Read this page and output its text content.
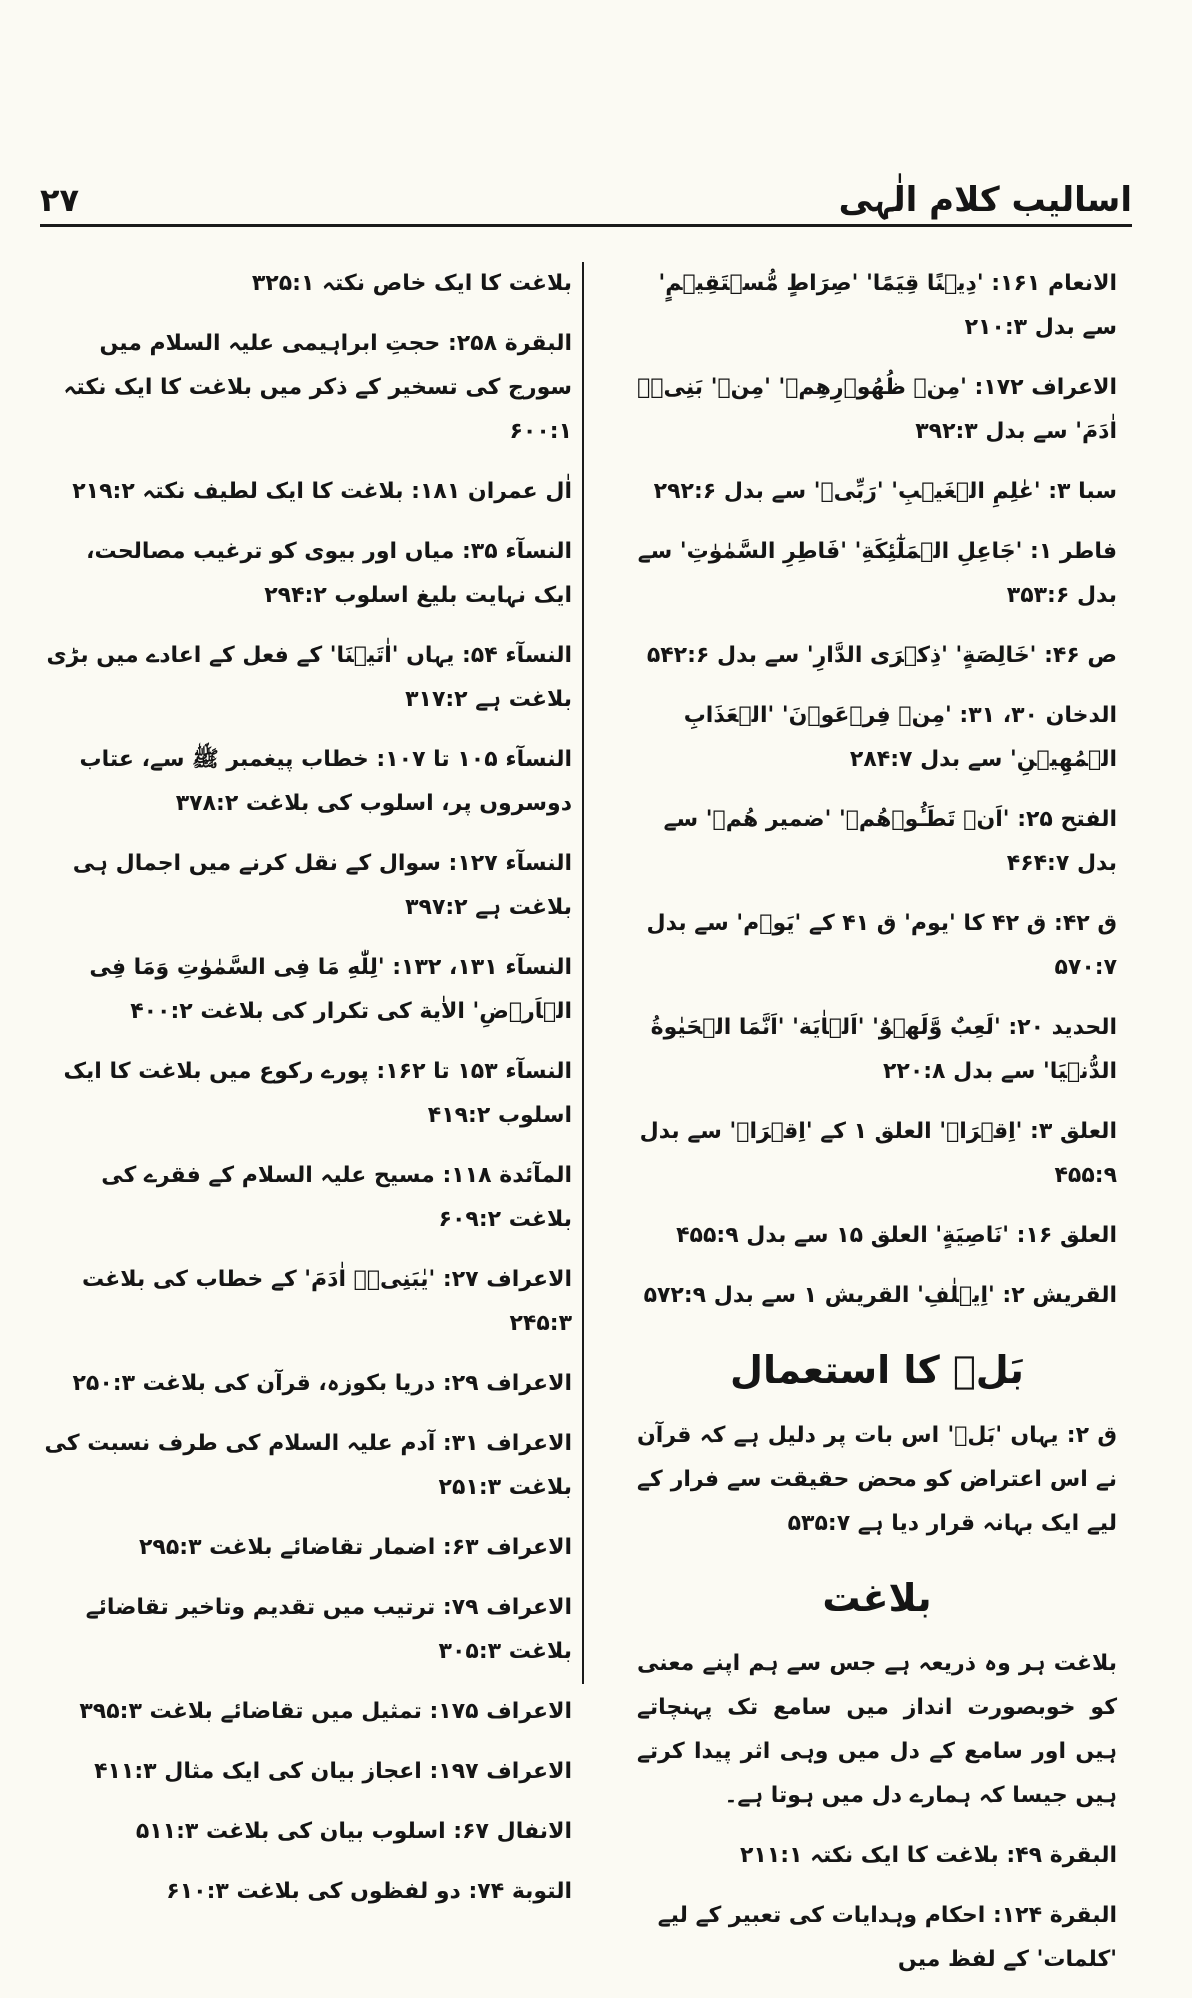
اسالیب کلام الٰہی
۲۷
الانعام ۱۶۱: 'دِیۡنًا قِیَمًا' 'صِرَاطٍ مُّسۡتَقِیۡمٍ' سے بدل ۲۱۰:۳
الاعراف ۱۷۲: 'مِنۡ ظُهُوۡرِهِمۡ' 'مِنۡ' بَنِیۡۤ اٰدَمَ' سے بدل ۳۹۲:۳
سبا ۳: 'عٰلِمِ الۡغَیۡبِ' 'رَبِّیۡ' سے بدل ۲۹۲:۶
فاطر ۱: 'جَاعِلِ الۡمَلٰٓئِکَةِ' 'فَاطِرِ السَّمٰوٰتِ' سے بدل ۳۵۳:۶
ص ۴۶: 'خَالِصَةٍ' 'ذِکۡرَی الدَّارِ' سے بدل ۵۴۲:۶
الدخان ۳۰، ۳۱: 'مِنۡ فِرۡعَوۡنَ' 'الۡعَذَابِ الۡمُهِیۡنِ' سے بدل ۲۸۴:۷
الفتح ۲۵: 'اَنۡ تَطَـُٔوۡهُمۡ' 'ضمیر هُمۡ' سے بدل ۴۶۴:۷
ق ۴۲: ق ۴۲ کا 'یوم' ق ۴۱ کے 'یَوۡم' سے بدل ۵۷۰:۷
الحدید ۲۰: 'لَعِبٌ وَّلَهۡوٌ' 'اَلۡاٰیَة' 'اَنَّمَا الۡحَیٰوةُ الدُّنۡیَا' سے بدل ۲۲۰:۸
العلق ۳: 'اِقۡرَاۡ' العلق ۱ کے 'اِقۡرَاۡ' سے بدل ۴۵۵:۹
العلق ۱۶: 'نَاصِیَةٍ' العلق ۱۵ سے بدل ۴۵۵:۹
القریش ۲: 'اِیۡلٰفِ' القریش ۱ سے بدل ۵۷۲:۹
بَلۡ کا استعمال
ق ۲: یہاں 'بَلۡ' اس بات پر دلیل ہے کہ قرآن نے اس اعتراض کو محض حقیقت سے فرار کے لیے ایک بہانہ قرار دیا ہے ۵۳۵:۷
بلاغت
بلاغت ہر وہ ذریعہ ہے جس سے ہم اپنے معنی کو خوبصورت انداز میں سامع تک پہنچاتے ہیں اور سامع کے دل میں وہی اثر پیدا کرتے ہیں جیسا کہ ہمارے دل میں ہوتا ہے۔
البقرة ۴۹: بلاغت کا ایک نکتہ ۲۱۱:۱
البقرة ۱۲۴: احکام وہدایات کی تعبیر کے لیے 'کلمات' کے لفظ میں
بلاغت کا ایک خاص نکتہ ۳۲۵:۱
البقرة ۲۵۸: حجتِ ابراہیمی علیہ السلام میں سورج کی تسخیر کے ذکر میں بلاغت کا ایک نکتہ ۶۰۰:۱
اٰل عمران ۱۸۱: بلاغت کا ایک لطیف نکتہ ۲۱۹:۲
النسآء ۳۵: میاں اور بیوی کو ترغیب مصالحت، ایک نہایت بلیغ اسلوب ۲۹۴:۲
النسآء ۵۴: یہاں 'اٰتَیۡنَا' کے فعل کے اعادے میں بڑی بلاغت ہے ۳۱۷:۲
النسآء ۱۰۵ تا ۱۰۷: خطاب پیغمبر ﷺ سے، عتاب دوسروں پر، اسلوب کی بلاغت ۳۷۸:۲
النسآء ۱۲۷: سوال کے نقل کرنے میں اجمال ہی بلاغت ہے ۳۹۷:۲
النسآء ۱۳۱، ۱۳۲: 'لِلّٰهِ مَا فِی السَّمٰوٰتِ وَمَا فِی الۡاَرۡضِ' الاٰیة کی تکرار کی بلاغت ۴۰۰:۲
النسآء ۱۵۳ تا ۱۶۲: پورے رکوع میں بلاغت کا ایک اسلوب ۴۱۹:۲
المآئدة ۱۱۸: مسیح علیہ السلام کے فقرے کی بلاغت ۶۰۹:۲
الاعراف ۲۷: 'یٰبَنِیۡۤ اٰدَمَ' کے خطاب کی بلاغت ۲۴۵:۳
الاعراف ۲۹: دریا بکوزہ، قرآن کی بلاغت ۲۵۰:۳
الاعراف ۳۱: آدم علیہ السلام کی طرف نسبت کی بلاغت ۲۵۱:۳
الاعراف ۶۳: اضمار تقاضائے بلاغت ۲۹۵:۳
الاعراف ۷۹: ترتیب میں تقدیم وتاخیر تقاضائے بلاغت ۳۰۵:۳
الاعراف ۱۷۵: تمثیل میں تقاضائے بلاغت ۳۹۵:۳
الاعراف ۱۹۷: اعجاز بیان کی ایک مثال ۴۱۱:۳
الانفال ۶۷: اسلوب بیان کی بلاغت ۵۱۱:۳
التوبة ۷۴: دو لفظوں کی بلاغت ۶۱۰:۳
